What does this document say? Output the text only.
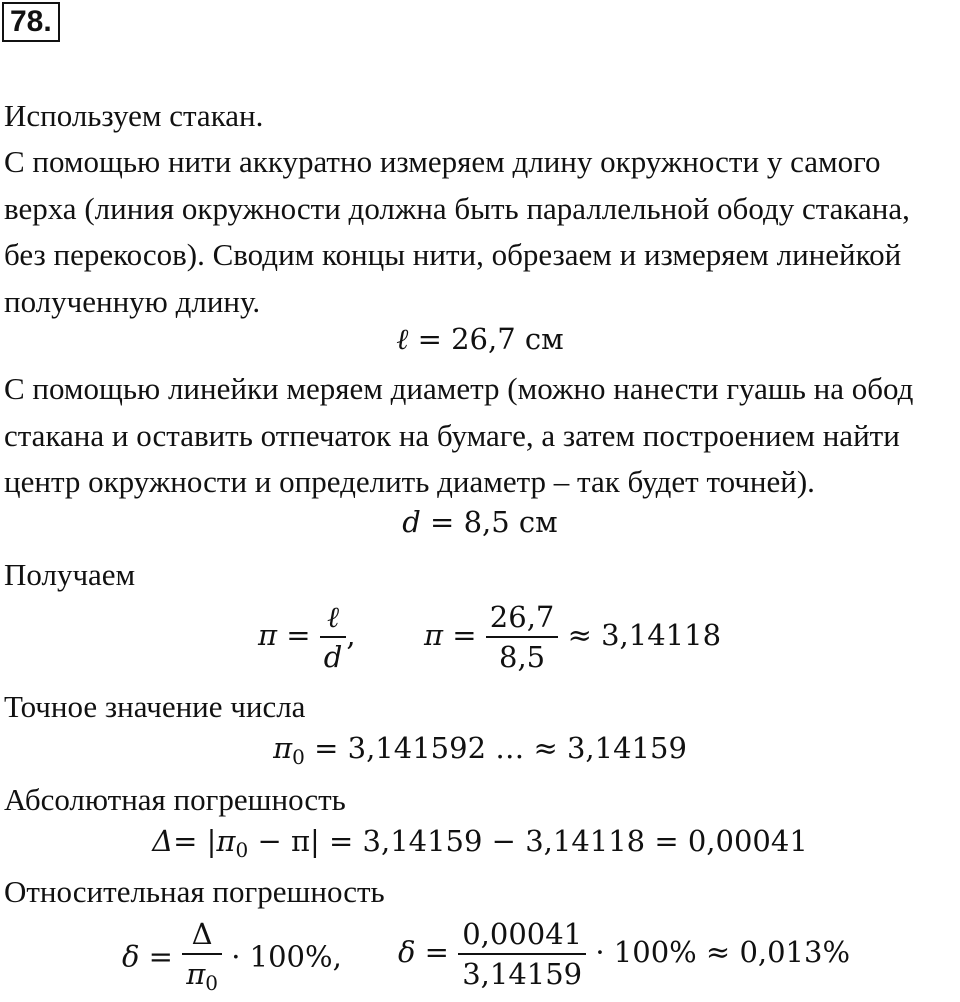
78.
Используем стакан.
С помощью нити аккуратно измеряем длину окружности у самого верха (линия окружности должна быть параллельной ободу стакана, без перекосов). Сводим концы нити, обрезаем и измеряем линейкой полученную длину.
ℓ = 26,7 см
С помощью линейки меряем диаметр (можно нанести гуашь на обод стакана и оставить отпечаток на бумаге, а затем построением найти центр окружности и определить диаметр – так будет точней).
d = 8,5 см
Получаем
$\pi = \frac{\text{ℓ}}{d}$ , $\pi = \frac{26,7}{8,5} \approx 3,14118$
Точное значение числа
$\pi_0 = 3,141592$ … ≈ 3,14159
Абсолютная погрешность
$\Delta= |\pi_0 - \pi| = 3,14159 - 3,14118 = 0,00041$
Относительная погрешность
$\delta = \frac{\Delta}{\pi_0} \cdot 100\%$, $\delta = \frac{0,00041}{3,14159} \cdot 100\% \approx 0,013\%$
